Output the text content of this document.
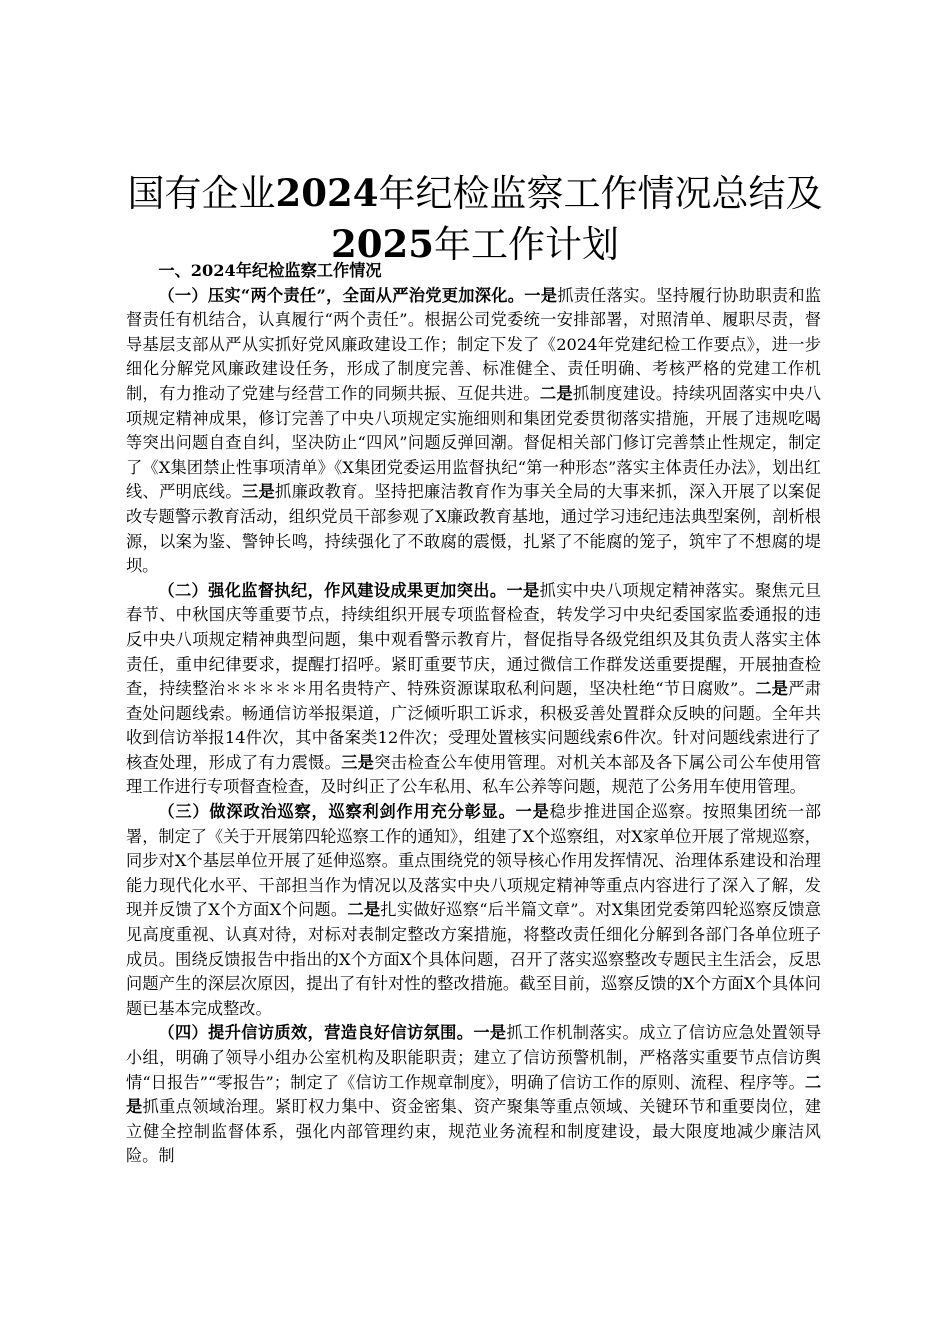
国有企业2024年纪检监察工作情况总结及
2025年工作计划

一、2024年纪检监察工作情况

（一）压实“两个责任”，全面从严治党更加深化。一是抓责任落实。坚持履行协助职责和监督责任有机结合，认真履行“两个责任”。根据公司党委统一安排部署，对照清单、履职尽责，督导基层支部从严从实抓好党风廉政建设工作；制定下发了《2024年党建纪检工作要点》，进一步细化分解党风廉政建设任务，形成了制度完善、标准健全、责任明确、考核严格的党建工作机制，有力推动了党建与经营工作的同频共振、互促共进。二是抓制度建设。持续巩固落实中央八项规定精神成果，修订完善了中央八项规定实施细则和集团党委贯彻落实措施，开展了违规吃喝等突出问题自查自纠，坚决防止“四风”问题反弹回潮。督促相关部门修订完善禁止性规定，制定了《X集团禁止性事项清单》《X集团党委运用监督执纪“第一种形态”落实主体责任办法》，划出红线、严明底线。三是抓廉政教育。坚持把廉洁教育作为事关全局的大事来抓，深入开展了以案促改专题警示教育活动，组织党员干部参观了X廉政教育基地，通过学习违纪违法典型案例，剖析根源，以案为鉴、警钟长鸣，持续强化了不敢腐的震慑，扎紧了不能腐的笼子，筑牢了不想腐的堤坝。

（二）强化监督执纪，作风建设成果更加突出。一是抓实中央八项规定精神落实。聚焦元旦春节、中秋国庆等重要节点，持续组织开展专项监督检查，转发学习中央纪委国家监委通报的违反中央八项规定精神典型问题，集中观看警示教育片，督促指导各级党组织及其负责人落实主体责任，重申纪律要求，提醒打招呼。紧盯重要节庆，通过微信工作群发送重要提醒，开展抽查检查，持续整治＊＊＊＊＊用名贵特产、特殊资源谋取私利问题，坚决杜绝“节日腐败”。二是严肃查处问题线索。畅通信访举报渠道，广泛倾听职工诉求，积极妥善处置群众反映的问题。全年共收到信访举报14件次，其中备案类12件次；受理处置核实问题线索6件次。针对问题线索进行了核查处理，形成了有力震慑。三是突击检查公车使用管理。对机关本部及各下属公司公车使用管理工作进行专项督查检查，及时纠正了公车私用、私车公养等问题，规范了公务用车使用管理。

（三）做深政治巡察，巡察利剑作用充分彰显。一是稳步推进国企巡察。按照集团统一部署，制定了《关于开展第四轮巡察工作的通知》，组建了X个巡察组，对X家单位开展了常规巡察，同步对X个基层单位开展了延伸巡察。重点围绕党的领导核心作用发挥情况、治理体系建设和治理能力现代化水平、干部担当作为情况以及落实中央八项规定精神等重点内容进行了深入了解，发现并反馈了X个方面X个问题。二是扎实做好巡察“后半篇文章”。对X集团党委第四轮巡察反馈意见高度重视、认真对待，对标对表制定整改方案措施，将整改责任细化分解到各部门各单位班子成员。围绕反馈报告中指出的X个方面X个具体问题，召开了落实巡察整改专题民主生活会，反思问题产生的深层次原因，提出了有针对性的整改措施。截至目前，巡察反馈的X个方面X个具体问题已基本完成整改。

（四）提升信访质效，营造良好信访氛围。一是抓工作机制落实。成立了信访应急处置领导小组，明确了领导小组办公室机构及职能职责；建立了信访预警机制，严格落实重要节点信访舆情“日报告”“零报告”；制定了《信访工作规章制度》，明确了信访工作的原则、流程、程序等。二是抓重点领域治理。紧盯权力集中、资金密集、资产聚集等重点领域、关键环节和重要岗位，建立健全控制监督体系，强化内部管理约束，规范业务流程和制度建设，最大限度地减少廉洁风险。制
